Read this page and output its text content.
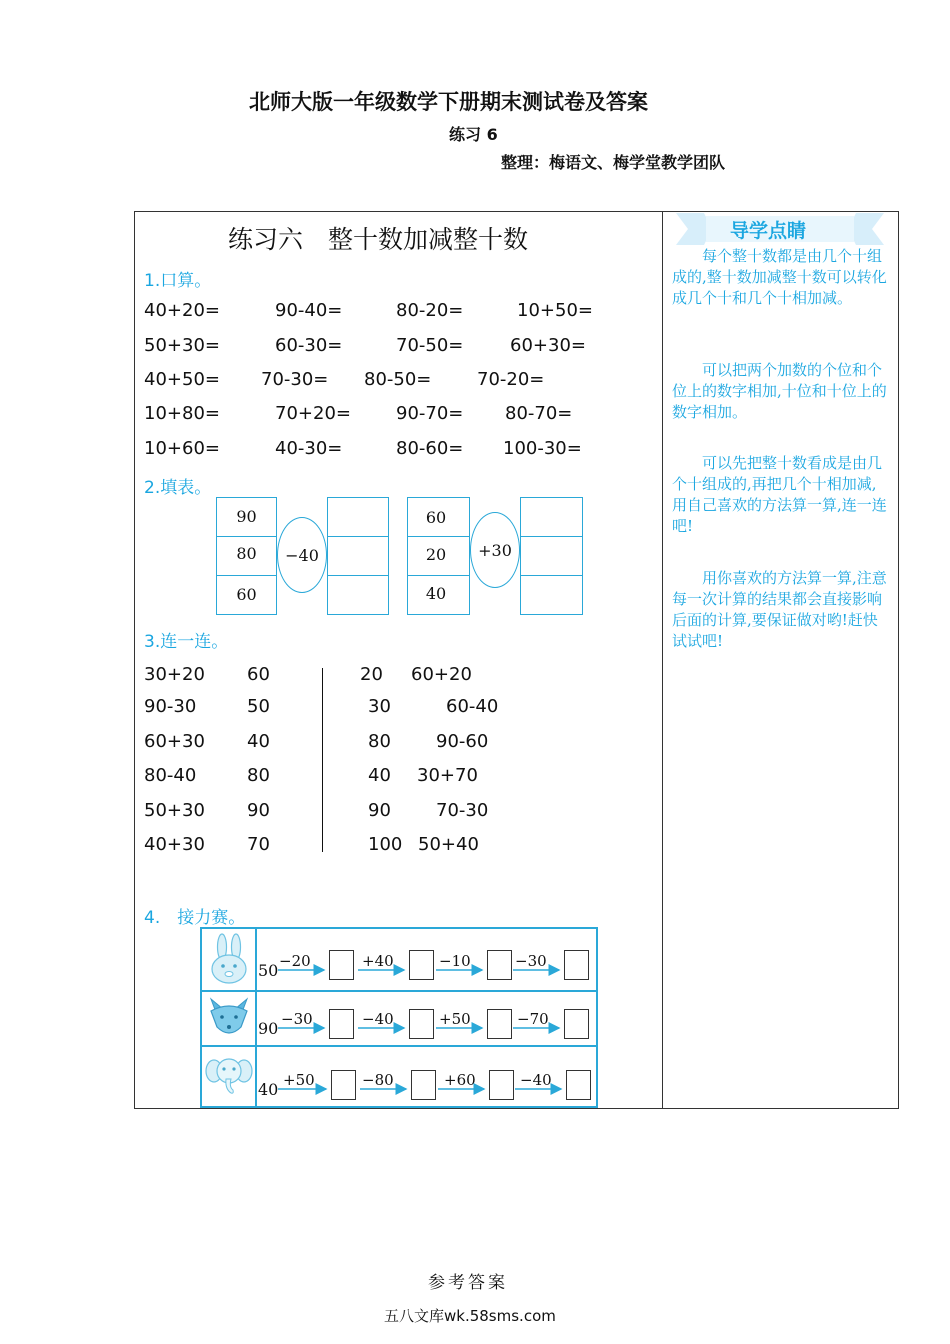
北师大版一年级数学下册期末测试卷及答案
练习 6
整理：梅语文、梅学堂教学团队
练习六　整十数加减整十数
1.口算。
40+20=	90-40=	80-20=	10+50=
50+30=	60-30=	70-50=	60+30=
40+50= 70-30= 80-50=	70-20=
10+80=	70+20=	90-70= 80-70=
10+60=	40-30=	80-60= 100-30=
2.填表。
90
80
60
−40
60
20
40
+30
3.连一连。
30+20 60
90-30	50
60+30 40
80-40	80
50+30 90
40+30 70
20 60+20
30	60-40
80	90-60
40 30+70
90	70-30
100 50+40
4.　接力赛。
50 −20	+40	−10	−30
90 −30	−40	+50	−70
40 +50	−80	+60	−40
导学点睛
每个整十数都是由几个十组成的,整十数加减整十数可以转化成几个十和几个十相加减。
可以把两个加数的个位和个位上的数字相加,十位和十位上的数字相加。
可以先把整十数看成是由几个十组成的,再把几个十相加减,用自己喜欢的方法算一算,连一连吧!
用你喜欢的方法算一算,注意每一次计算的结果都会直接影响后面的计算,要保证做对哟!赶快试试吧!
参考答案
五八文库wk.58sms.com
